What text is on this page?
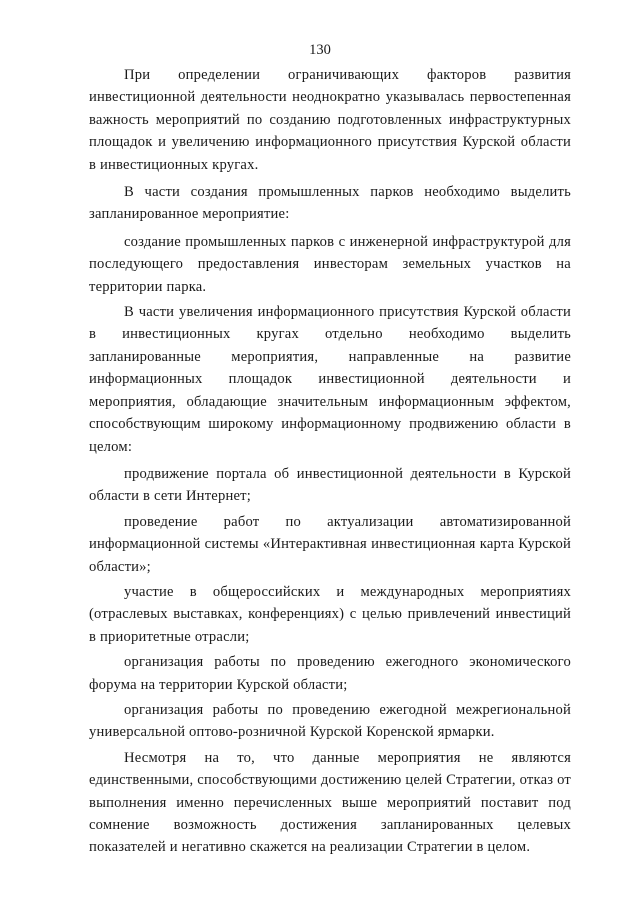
130

При определении ограничивающих факторов развития инвестиционной деятельности неоднократно указывалась первостепенная важность мероприятий по созданию подготовленных инфраструктурных площадок и увеличению информационного присутствия Курской области в инвестиционных кругах.

В части создания промышленных парков необходимо выделить запланированное мероприятие:

создание промышленных парков с инженерной инфраструктурой для последующего предоставления инвесторам земельных участков на территории парка.

В части увеличения информационного присутствия Курской области в инвестиционных кругах отдельно необходимо выделить запланированные мероприятия, направленные на развитие информационных площадок инвестиционной деятельности и мероприятия, обладающие значительным информационным эффектом, способствующим широкому информационному продвижению области в целом:

продвижение портала об инвестиционной деятельности в Курской области в сети Интернет;

проведение работ по актуализации автоматизированной информационной системы «Интерактивная инвестиционная карта Курской области»;

участие в общероссийских и международных мероприятиях (отраслевых выставках, конференциях) с целью привлечений инвестиций в приоритетные отрасли;

организация работы по проведению ежегодного экономического форума на территории Курской области;

организация работы по проведению ежегодной межрегиональной универсальной оптово-розничной Курской Коренской ярмарки.

Несмотря на то, что данные мероприятия не являются единственными, способствующими достижению целей Стратегии, отказ от выполнения именно перечисленных выше мероприятий поставит под сомнение возможность достижения запланированных целевых показателей и негативно скажется на реализации Стратегии в целом.
